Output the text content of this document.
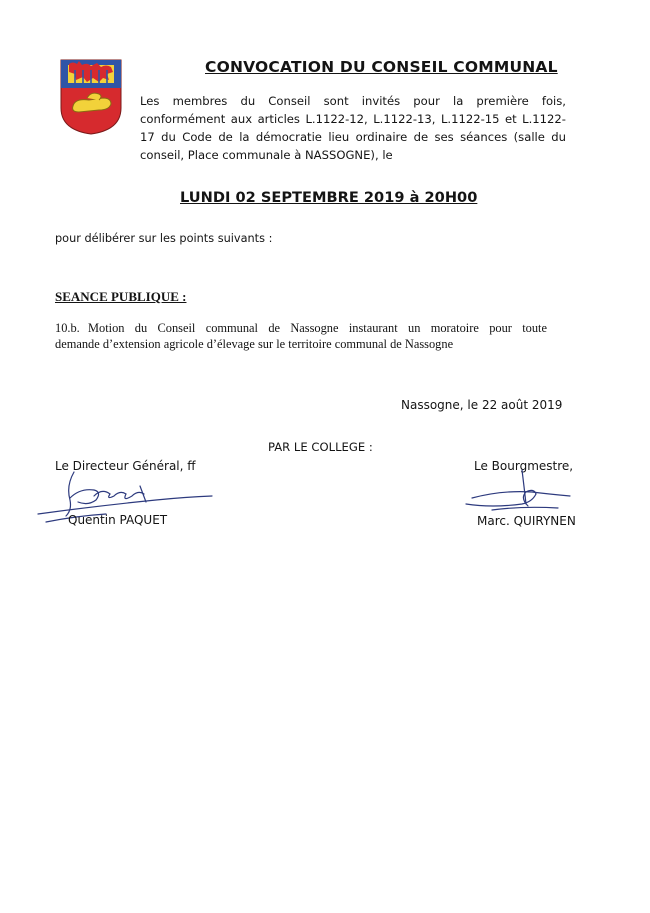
CONVOCATION DU CONSEIL COMMUNAL
Les membres du Conseil sont invités pour la première fois, conformément aux articles L.1122-12, L.1122-13, L.1122-15 et L.1122-17 du Code de la démocratie lieu ordinaire de ses séances (salle du conseil, Place communale à NASSOGNE), le
LUNDI 02 SEPTEMBRE 2019 à 20H00
pour délibérer sur les points suivants :
SEANCE PUBLIQUE :
10.b. Motion du Conseil communal de Nassogne instaurant un moratoire pour toute
demande d’extension agricole d’élevage sur le territoire communal de Nassogne
Nassogne, le 22 août 2019
PAR LE COLLEGE :
Le Directeur Général, ff	Le Bourgmestre,
Quentin PAQUET	Marc. QUIRYNEN
